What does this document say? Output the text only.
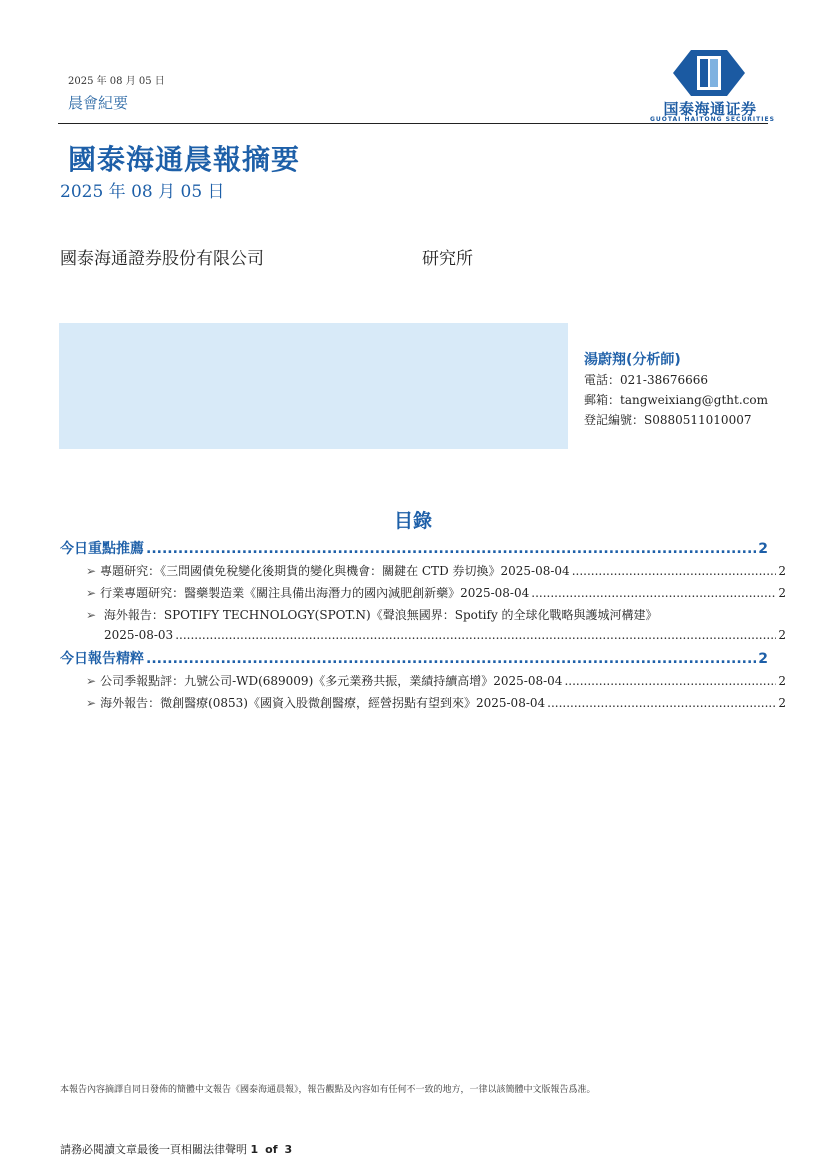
2025 年 08 月 05 日
晨會紀要	国泰海通证券
GUOTAI HAITONG SECURITIES
國泰海通晨報摘要
2025 年 08 月 05 日
國泰海通證券股份有限公司	研究所
湯蔚翔(分析師)
電話：021-38676666
郵箱：tangweixiang@gtht.com
登記編號：S0880511010007
目錄
今日重點推薦 .....	2
➢ 專題研究：《三問國債免稅變化後期貨的變化與機會：關鍵在 CTD 券切換》2025-08-04 .....	2
➢ 行業專題研究：醫藥製造業《關注具備出海潛力的國內減肥創新藥》2025-08-04 .....	2
➢ 海外報告：SPOTIFY TECHNOLOGY(SPOT.N)《聲浪無國界：Spotify 的全球化戰略與護城河構建》
2025-08-03 .....	2
今日報告精粹 .....	2
➢ 公司季報點評：九號公司-WD(689009)《多元業務共振，業績持續高增》2025-08-04 .....	2
➢ 海外報告：微創醫療(0853)《國資入股微創醫療，經營拐點有望到來》2025-08-04 .....	2
本報告內容摘譯自同日發佈的簡體中文報告《國泰海通晨報》，報告觀點及內容如有任何不一致的地方，一律以該簡體中文版報告爲准。
請務必閱讀文章最後一頁相關法律聲明 1 of 3
